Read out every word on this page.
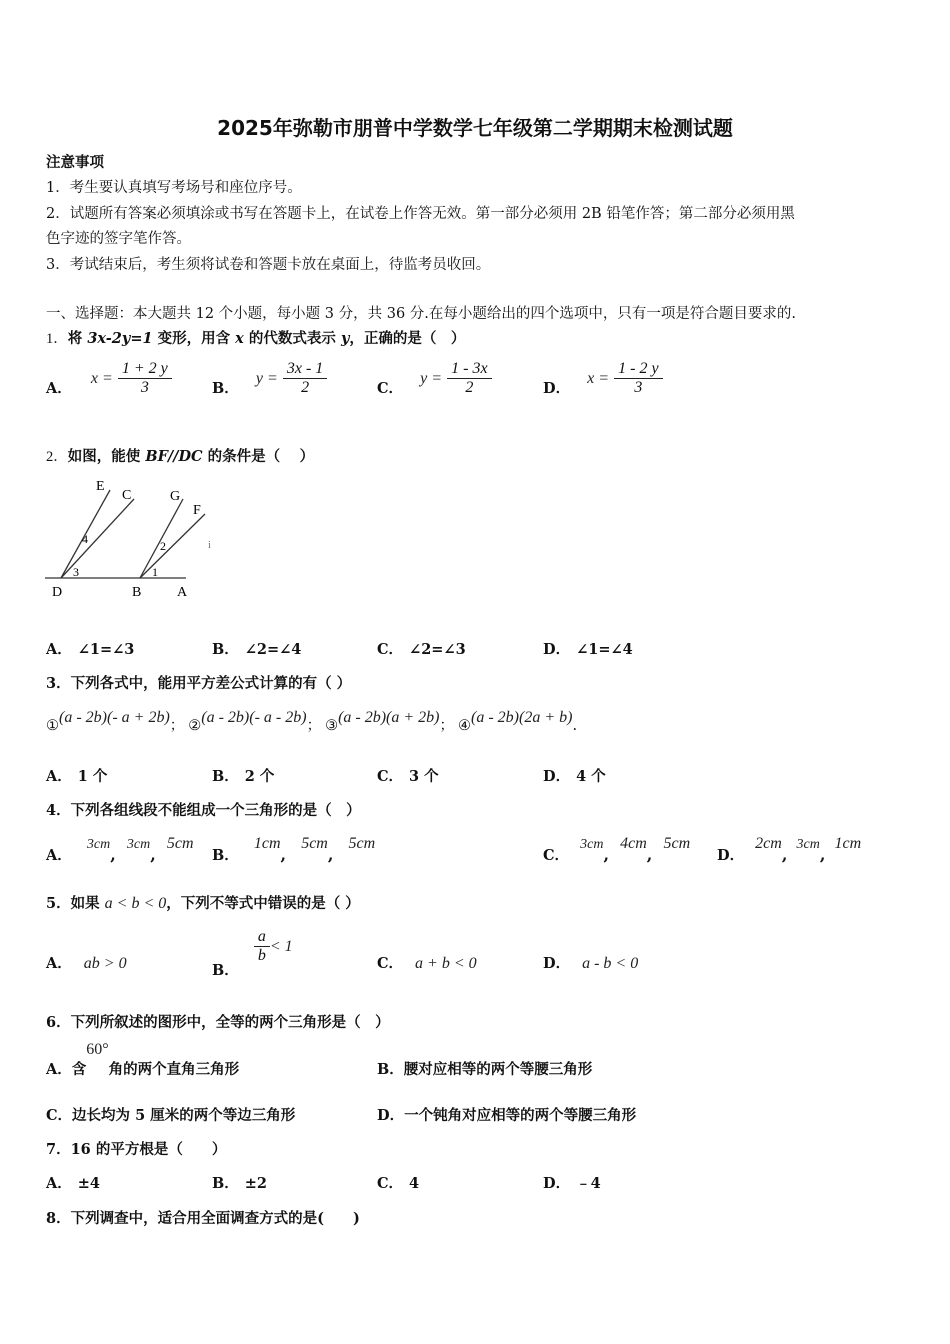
2025年弥勒市朋普中学数学七年级第二学期期末检测试题
注意事项
1．考生要认真填写考场号和座位序号。
2．试题所有答案必须填涂或书写在答题卡上，在试卷上作答无效。第一部分必须用 2B 铅笔作答；第二部分必须用黑
色字迹的签字笔作答。
3．考试结束后，考生须将试卷和答题卡放在桌面上，待监考员收回。
一、选择题：本大题共 12 个小题，每小题 3 分，共 36 分.在每小题给出的四个选项中，只有一项是符合题目要求的.
1．将 3x-2y=1 变形，用含 x 的代数式表示 y，正确的是（　）
A． $x = \frac{1 + 2 y}{3}$	B． $y = \frac{3x - 1}{2}$	C． $y = \frac{1 - 3x}{2}$	D． $x = \frac{1 - 2 y}{3}$
2．如图，能使 BF//DC 的条件是（　 ）
E
C	G
F
4	2
3	1
D	B	A
i
A． ∠1=∠3	B． ∠2=∠4	C． ∠2=∠3	D． ∠1=∠4
3．下列各式中，能用平方差公式计算的有（ ）
①(a - 2b)(- a + 2b)； ②(a - 2b)(- a - 2b)； ③(a - 2b)(a + 2b)； ④(a - 2b)(2a + b).
A． 1 个	B． 2 个	C． 3 个	D． 4 个
4．下列各组线段不能组成一个三角形的是（　）
A． 3cm, 3cm, 5cm
B． 1cm, 5cm, 5cm
C． 3cm, 4cm, 5cm
D． 2cm, 3cm, 1cm
5．如果 a < b < 0，下列不等式中错误的是（ ）
A． ab > 0	B．
$\frac{a}{b} < 1$
C． a + b < 0	D． a - b < 0
6．下列所叙述的图形中，全等的两个三角形是（　）
A．含60°角的两个直角三角形	B．腰对应相等的两个等腰三角形
C．边长均为 5 厘米的两个等边三角形	D．一个钝角对应相等的两个等腰三角形
7．16 的平方根是（　　）
A． ±4	B． ±2	C． 4	D． ﹣4
8．下列调查中，适合用全面调查方式的是(　　)
